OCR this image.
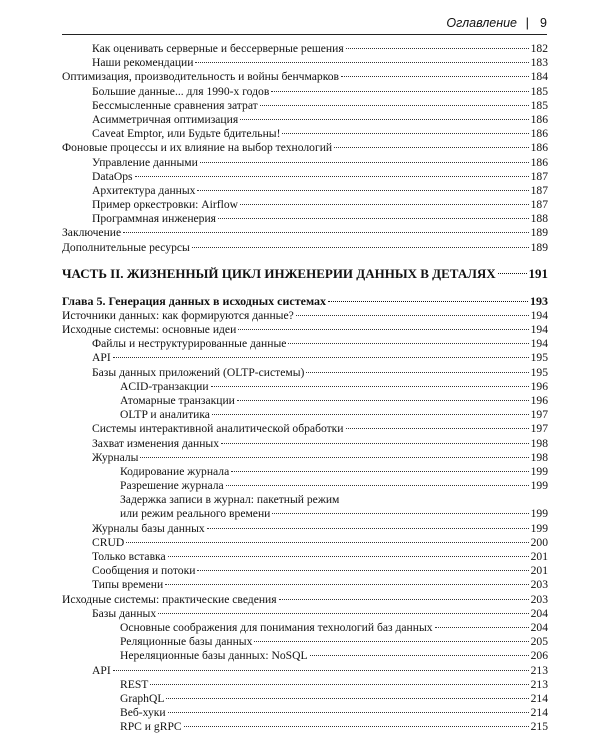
Оглавление | 9
Как оценивать серверные и бессерверные решения	182
Наши рекомендации	183
Оптимизация, производительность и войны бенчмарков	184
Большие данные... для 1990-х годов	185
Бессмысленные сравнения затрат	185
Асимметричная оптимизация	186
Caveat Emptor, или Будьте бдительны!	186
Фоновые процессы и их влияние на выбор технологий	186
Управление данными	186
DataOps	187
Архитектура данных	187
Пример оркестровки: Airflow	187
Программная инженерия	188
Заключение	189
Дополнительные ресурсы	189
ЧАСТЬ II. ЖИЗНЕННЫЙ ЦИКЛ ИНЖЕНЕРИИ ДАННЫХ В ДЕТАЛЯХ	191
Глава 5. Генерация данных в исходных системах	193
Источники данных: как формируются данные?	194
Исходные системы: основные идеи	194
Файлы и неструктурированные данные	194
API	195
Базы данных приложений (OLTP-системы)	195
ACID-транзакции	196
Атомарные транзакции	196
OLTP и аналитика	197
Системы интерактивной аналитической обработки	197
Захват изменения данных	198
Журналы	198
Кодирование журнала	199
Разрешение журнала	199
Задержка записи в журнал: пакетный режим
или режим реального времени	199
Журналы базы данных	199
CRUD	200
Только вставка	201
Сообщения и потоки	201
Типы времени	203
Исходные системы: практические сведения	203
Базы данных	204
Основные соображения для понимания технологий баз данных	204
Реляционные базы данных	205
Нереляционные базы данных: NoSQL	206
API	213
REST	213
GraphQL	214
Веб-хуки	214
RPC и gRPC	215
